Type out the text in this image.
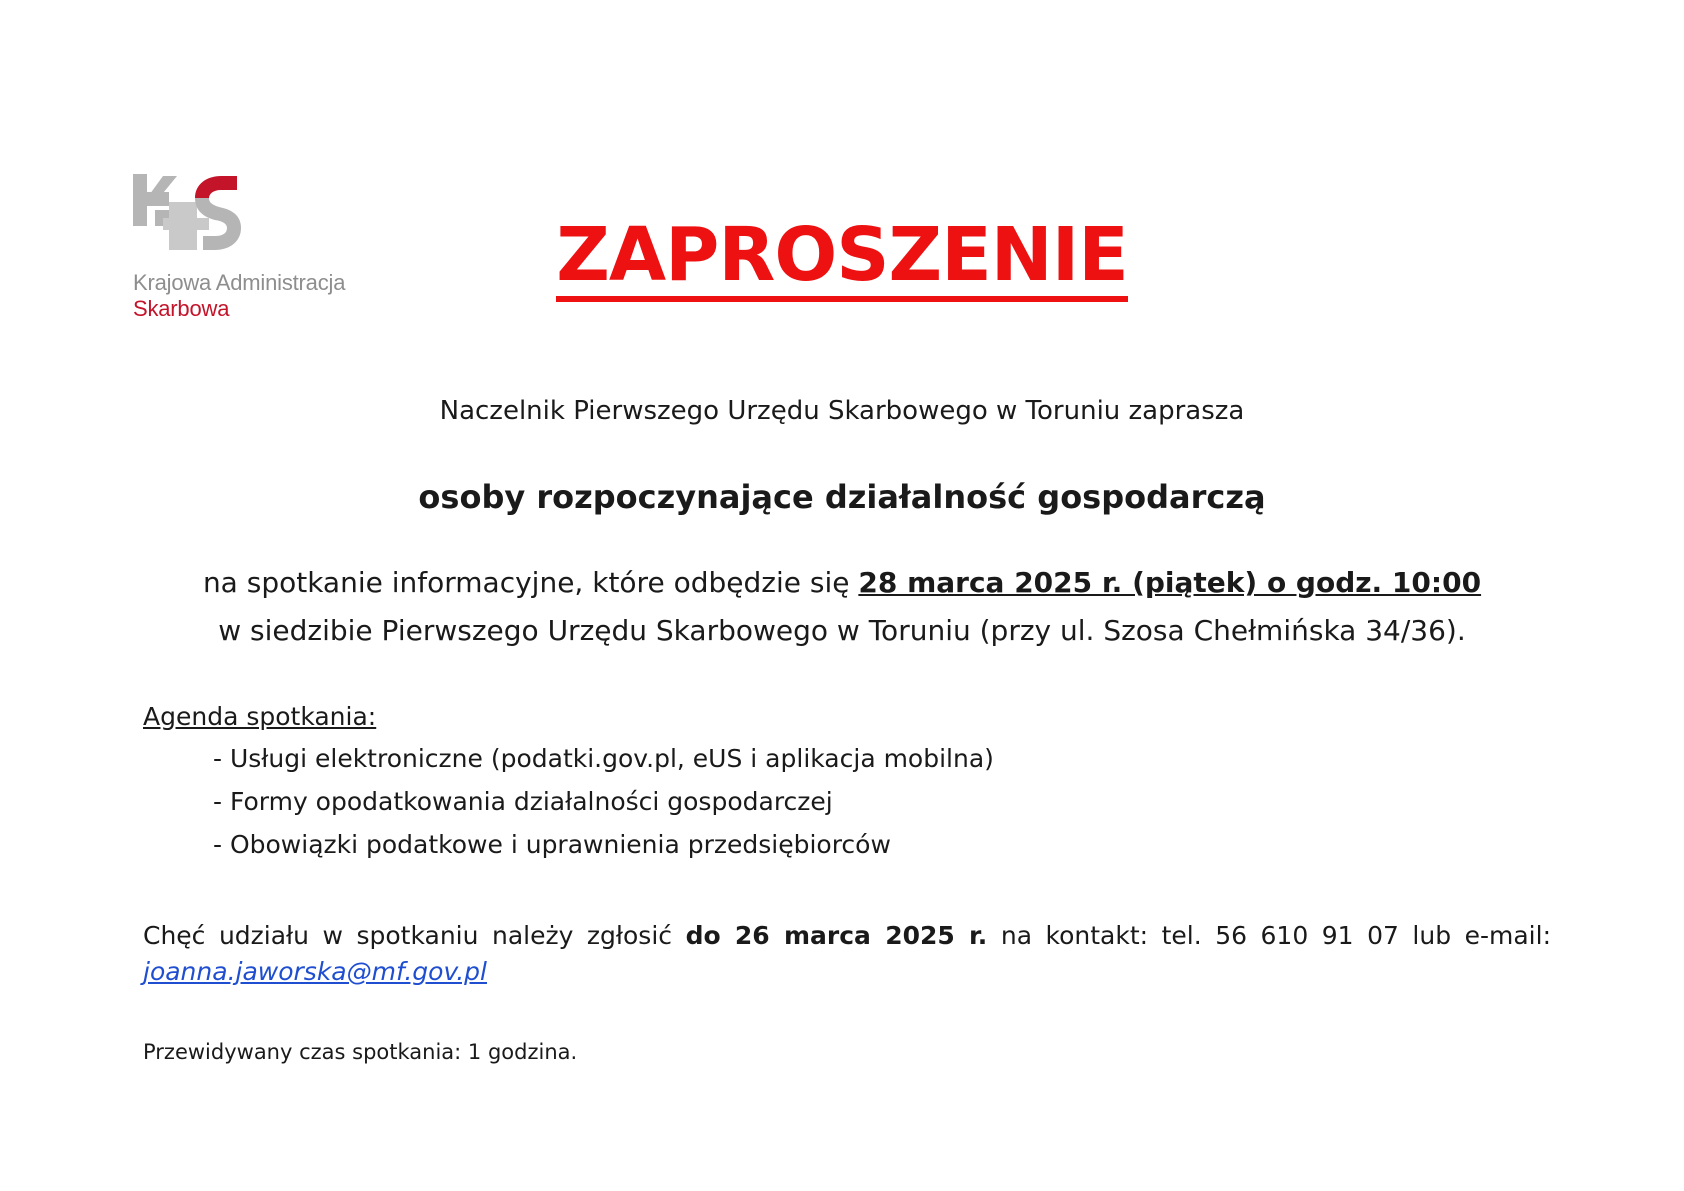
Krajowa Administracja
Skarbowa
ZAPROSZENIE
Naczelnik Pierwszego Urzędu Skarbowego w Toruniu zaprasza
osoby rozpoczynające działalność gospodarczą
na spotkanie informacyjne, które odbędzie się 28 marca 2025 r. (piątek) o godz. 10:00
w siedzibie Pierwszego Urzędu Skarbowego w Toruniu (przy ul. Szosa Chełmińska 34/36).
Agenda spotkania:
- Usługi elektroniczne (podatki.gov.pl, eUS i aplikacja mobilna)
- Formy opodatkowania działalności gospodarczej
- Obowiązki podatkowe i uprawnienia przedsiębiorców
Chęć udziału w spotkaniu należy zgłosić do 26 marca 2025 r. na kontakt: tel. 56 610 91 07 lub e-mail:
joanna.jaworska@mf.gov.pl
Przewidywany czas spotkania: 1 godzina.
